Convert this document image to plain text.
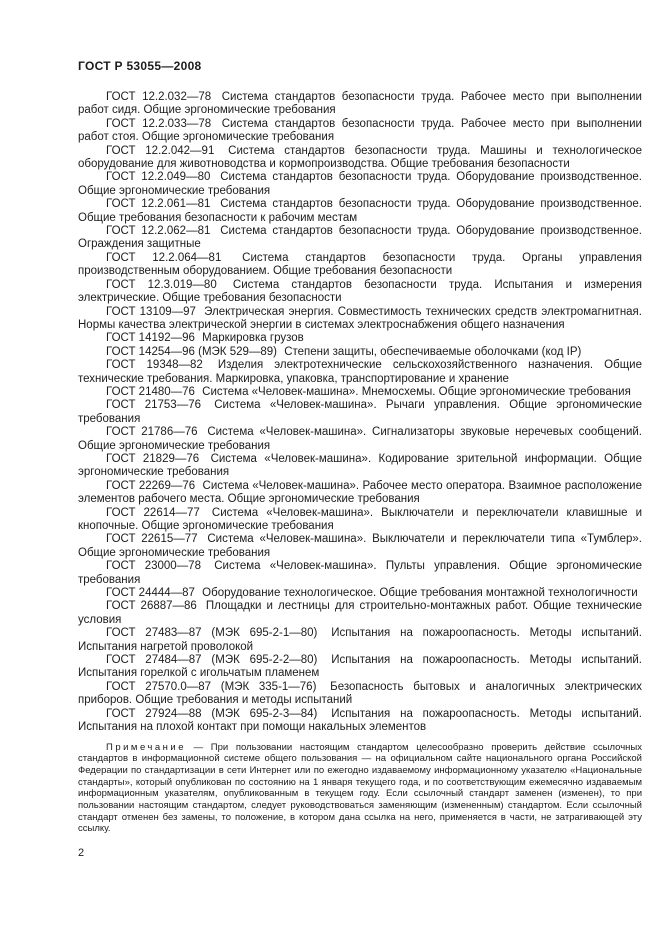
ГОСТ Р 53055—2008

ГОСТ 12.2.032—78 Система стандартов безопасности труда. Рабочее место при выполнении работ сидя. Общие эргономические требования

ГОСТ 12.2.033—78 Система стандартов безопасности труда. Рабочее место при выполнении работ стоя. Общие эргономические требования

ГОСТ 12.2.042—91 Система стандартов безопасности труда. Машины и технологическое оборудование для животноводства и кормопроизводства. Общие требования безопасности

ГОСТ 12.2.049—80 Система стандартов безопасности труда. Оборудование производственное. Общие эргономические требования

ГОСТ 12.2.061—81 Система стандартов безопасности труда. Оборудование производственное. Общие требования безопасности к рабочим местам

ГОСТ 12.2.062—81 Система стандартов безопасности труда. Оборудование производственное. Ограждения защитные

ГОСТ 12.2.064—81 Система стандартов безопасности труда. Органы управления производственным оборудованием. Общие требования безопасности

ГОСТ 12.3.019—80 Система стандартов безопасности труда. Испытания и измерения электрические. Общие требования безопасности

ГОСТ 13109—97 Электрическая энергия. Совместимость технических средств электромагнитная. Нормы качества электрической энергии в системах электроснабжения общего назначения

ГОСТ 14192—96 Маркировка грузов

ГОСТ 14254—96 (МЭК 529—89) Степени защиты, обеспечиваемые оболочками (код IP)

ГОСТ 19348—82 Изделия электротехнические сельскохозяйственного назначения. Общие технические требования. Маркировка, упаковка, транспортирование и хранение

ГОСТ 21480—76 Система «Человек-машина». Мнемосхемы. Общие эргономические требования

ГОСТ 21753—76 Система «Человек-машина». Рычаги управления. Общие эргономические требования

ГОСТ 21786—76 Система «Человек-машина». Сигнализаторы звуковые неречевых сообщений. Общие эргономические требования

ГОСТ 21829—76 Система «Человек-машина». Кодирование зрительной информации. Общие эргономические требования

ГОСТ 22269—76 Система «Человек-машина». Рабочее место оператора. Взаимное расположение элементов рабочего места. Общие эргономические требования

ГОСТ 22614—77 Система «Человек-машина». Выключатели и переключатели клавишные и кнопочные. Общие эргономические требования

ГОСТ 22615—77 Система «Человек-машина». Выключатели и переключатели типа «Тумблер». Общие эргономические требования

ГОСТ 23000—78 Система «Человек-машина». Пульты управления. Общие эргономические требования

ГОСТ 24444—87 Оборудование технологическое. Общие требования монтажной технологичности

ГОСТ 26887—86 Площадки и лестницы для строительно-монтажных работ. Общие технические условия

ГОСТ 27483—87 (МЭК 695-2-1—80) Испытания на пожароопасность. Методы испытаний. Испытания нагретой проволокой

ГОСТ 27484—87 (МЭК 695-2-2—80) Испытания на пожароопасность. Методы испытаний. Испытания горелкой с игольчатым пламенем

ГОСТ 27570.0—87 (МЭК 335-1—76) Безопасность бытовых и аналогичных электрических приборов. Общие требования и методы испытаний

ГОСТ 27924—88 (МЭК 695-2-3—84) Испытания на пожароопасность. Методы испытаний. Испытания на плохой контакт при помощи накальных элементов

Примечание — При пользовании настоящим стандартом целесообразно проверить действие ссылочных стандартов в информационной системе общего пользования — на официальном сайте национального органа Российской Федерации по стандартизации в сети Интернет или по ежегодно издаваемому информационному указателю «Национальные стандарты», который опубликован по состоянию на 1 января текущего года, и по соответствующим ежемесячно издаваемым информационным указателям, опубликованным в текущем году. Если ссылочный стандарт заменен (изменен), то при пользовании настоящим стандартом, следует руководствоваться заменяющим (измененным) стандартом. Если ссылочный стандарт отменен без замены, то положение, в котором дана ссылка на него, применяется в части, не затрагивающей эту ссылку.

2
